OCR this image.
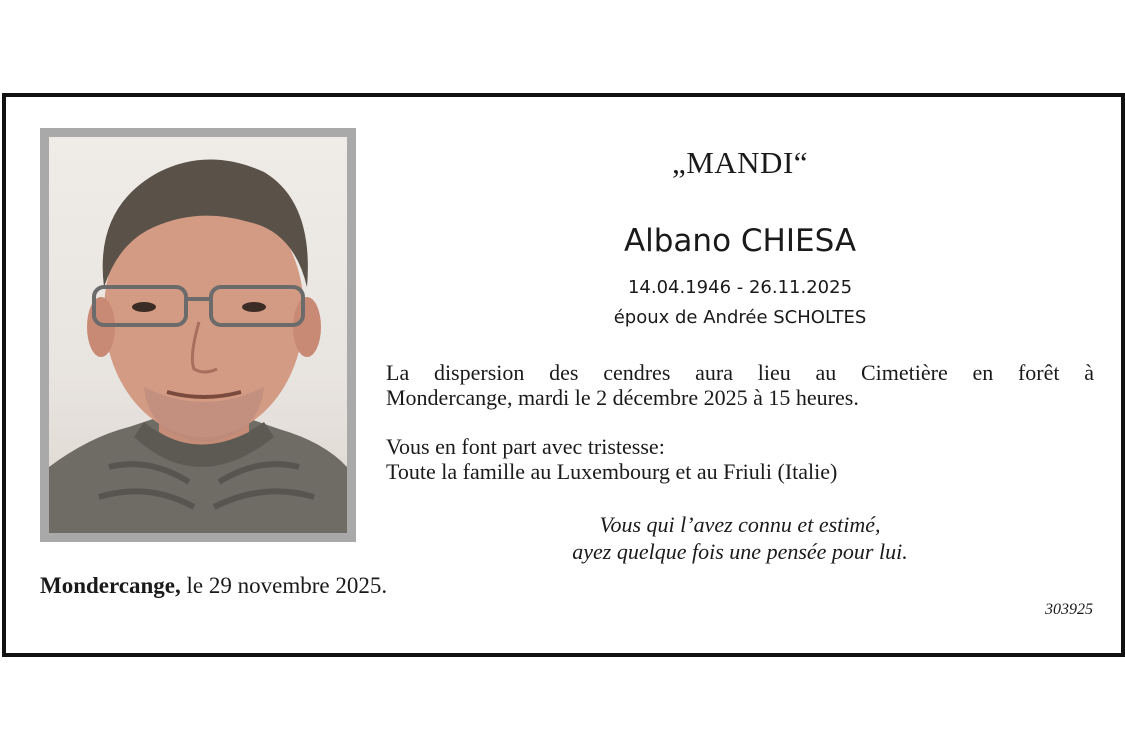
„MANDI“
Albano CHIESA
14.04.1946 - 26.11.2025
époux de Andrée SCHOLTES
La dispersion des cendres aura lieu au Cimetière en forêt à
Mondercange, mardi le 2 décembre 2025 à 15 heures.
Vous en font part avec tristesse:
Toute la famille au Luxembourg et au Friuli (Italie)
Vous qui l’avez connu et estimé,
ayez quelque fois une pensée pour lui.
Mondercange, le 29 novembre 2025.
303925
